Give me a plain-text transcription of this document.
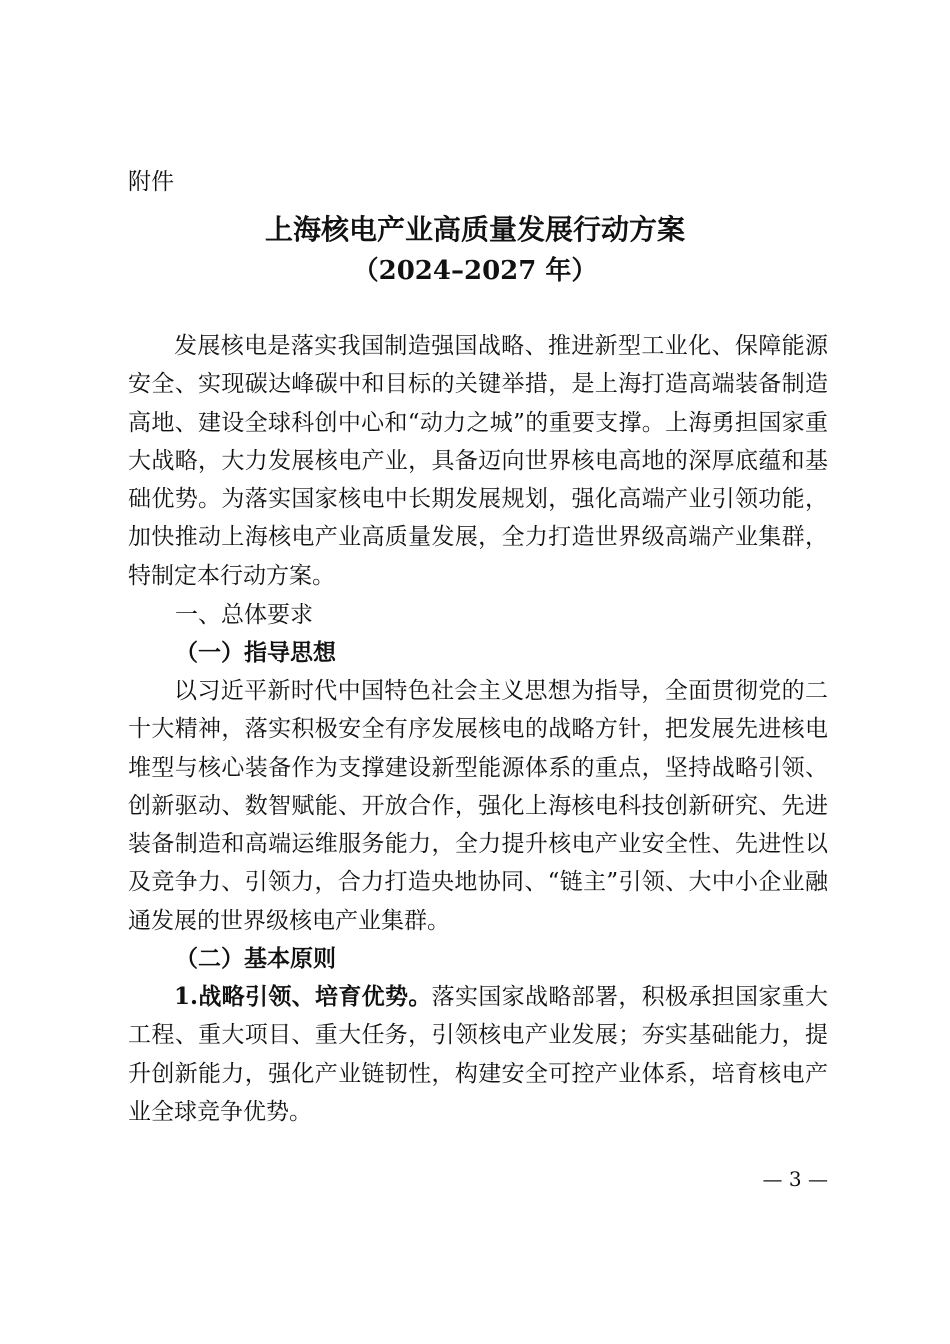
附件
上海核电产业高质量发展行动方案
（2024–2027 年）

发展核电是落实我国制造强国战略、推进新型工业化、保障能源安全、实现碳达峰碳中和目标的关键举措，是上海打造高端装备制造高地、建设全球科创中心和“动力之城”的重要支撑。上海勇担国家重大战略，大力发展核电产业，具备迈向世界核电高地的深厚底蕴和基础优势。为落实国家核电中长期发展规划，强化高端产业引领功能，加快推动上海核电产业高质量发展，全力打造世界级高端产业集群，特制定本行动方案。

一、总体要求
（一）指导思想

以习近平新时代中国特色社会主义思想为指导，全面贯彻党的二十大精神，落实积极安全有序发展核电的战略方针，把发展先进核电堆型与核心装备作为支撑建设新型能源体系的重点，坚持战略引领、创新驱动、数智赋能、开放合作，强化上海核电科技创新研究、先进装备制造和高端运维服务能力，全力提升核电产业安全性、先进性以及竞争力、引领力，合力打造央地协同、“链主”引领、大中小企业融通发展的世界级核电产业集群。

（二）基本原则

1.战略引领、培育优势。落实国家战略部署，积极承担国家重大工程、重大项目、重大任务，引领核电产业发展；夯实基础能力，提升创新能力，强化产业链韧性，构建安全可控产业体系，培育核电产业全球竞争优势。

— 3 —
